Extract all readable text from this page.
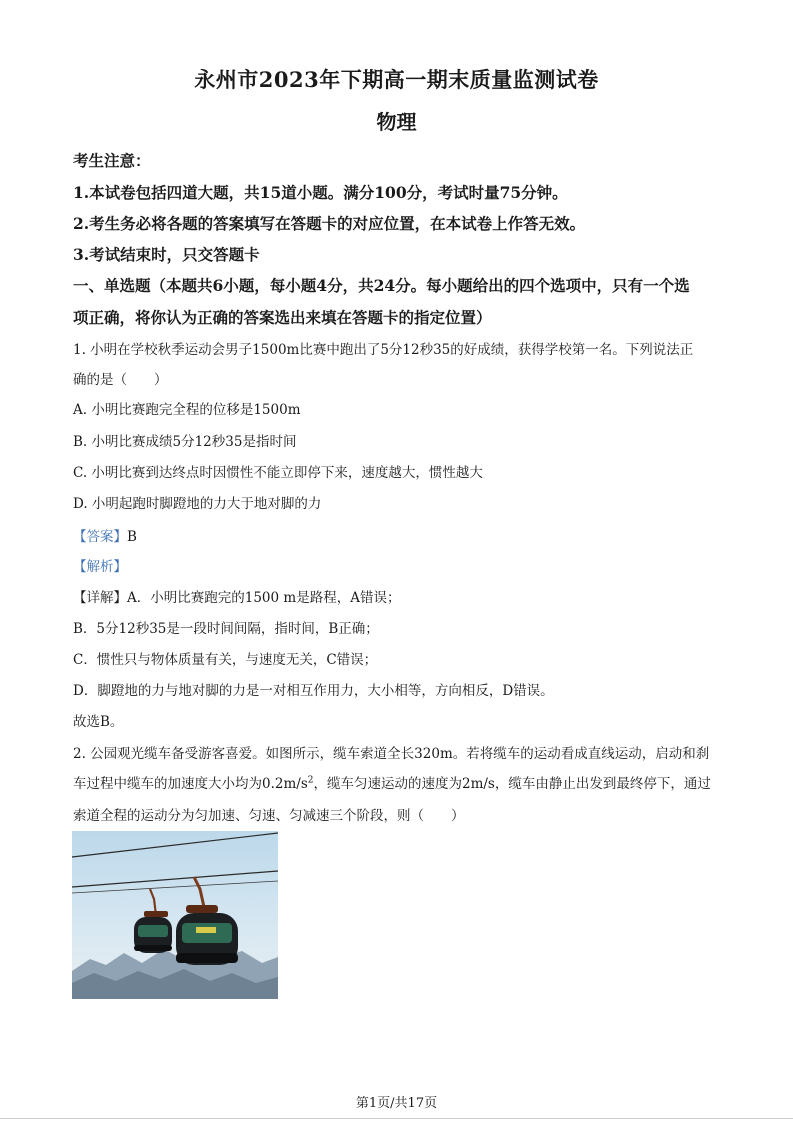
永州市2023年下期高一期末质量监测试卷
物理
考生注意：
1.本试卷包括四道大题，共15道小题。满分100分，考试时量75分钟。
2.考生务必将各题的答案填写在答题卡的对应位置，在本试卷上作答无效。
3.考试结束时，只交答题卡
一、单选题（本题共6小题，每小题4分，共24分。每小题给出的四个选项中，只有一个选
项正确，将你认为正确的答案选出来填在答题卡的指定位置）
1. 小明在学校秋季运动会男子1500m比赛中跑出了5分12秒35的好成绩，获得学校第一名。下列说法正
确的是（　　）
A. 小明比赛跑完全程的位移是1500m
B. 小明比赛成绩5分12秒35是指时间
C. 小明比赛到达终点时因惯性不能立即停下来，速度越大，惯性越大
D. 小明起跑时脚蹬地的力大于地对脚的力
【答案】B
【解析】
【详解】A．小明比赛跑完的1500 m是路程，A错误；
B．5分12秒35是一段时间间隔，指时间，B正确；
C．惯性只与物体质量有关，与速度无关，C错误；
D．脚蹬地的力与地对脚的力是一对相互作用力，大小相等，方向相反，D错误。
故选B。
2. 公园观光缆车备受游客喜爱。如图所示，缆车索道全长320m。若将缆车的运动看成直线运动，启动和刹
车过程中缆车的加速度大小均为$0.2m/s^2$，缆车匀速运动的速度为2m/s，缆车由静止出发到最终停下，通过
索道全程的运动分为匀加速、匀速、匀减速三个阶段，则（　　）
第1页/共17页
